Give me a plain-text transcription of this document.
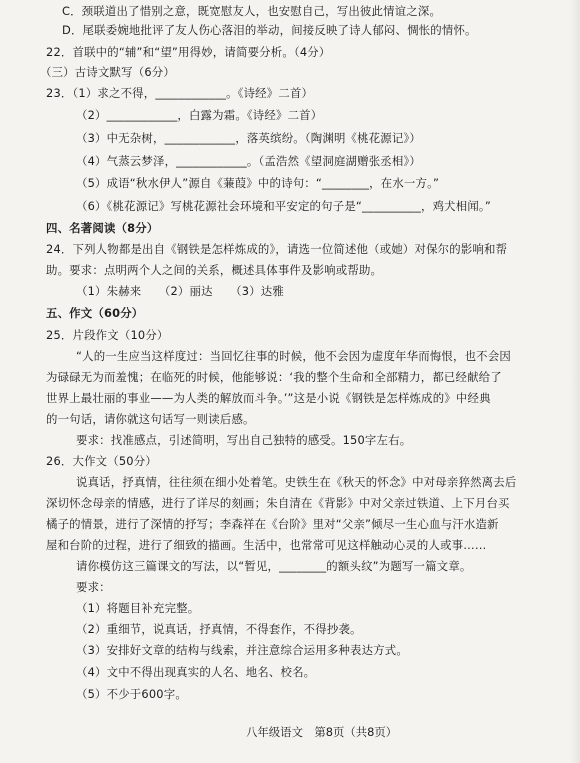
C．颈联道出了惜别之意，既宽慰友人，也安慰自己，写出彼此情谊之深。
D．尾联委婉地批评了友人伤心落泪的举动，间接反映了诗人郁闷、惆怅的情怀。
22．首联中的“辅”和“望”用得妙，请简要分析。（4分）
（三）古诗文默写（6分）
23．（1）求之不得，____________。《诗经》二首）
（2）____________，白露为霜。《诗经》二首）
（3）中无杂树，____________，落英缤纷。（陶渊明《桃花源记》）
（4）气蒸云梦泽，____________。（孟浩然《望洞庭湖赠张丞相》）
（5）成语“秋水伊人”源自《蒹葭》中的诗句：“________，在水一方。”
（6）《桃花源记》写桃花源社会环境和平安定的句子是“__________，鸡犬相闻。”
四、名著阅读（8分）
24．下列人物都是出自《钢铁是怎样炼成的》，请选一位简述他（或她）对保尔的影响和帮
助。要求：点明两个人之间的关系，概述具体事件及影响或帮助。
（1）朱赫来　　（2）丽达　　（3）达雅
五、作文（60分）
25．片段作文（10分）
“人的一生应当这样度过：当回忆往事的时候，他不会因为虚度年华而悔恨，也不会因
为碌碌无为而羞愧；在临死的时候，他能够说：‘我的整个生命和全部精力，都已经献给了
世界上最壮丽的事业——为人类的解放而斗争。’”这是小说《钢铁是怎样炼成的》中经典
的一句话，请你就这句话写一则读后感。
要求：找准感点，引述简明，写出自己独特的感受。150字左右。
26．大作文（50分）
说真话，抒真情，往往须在细小处着笔。史铁生在《秋天的怀念》中对母亲猝然离去后
深切怀念母亲的情感，进行了详尽的刻画；朱自清在《背影》中对父亲过铁道、上下月台买
橘子的情景，进行了深情的抒写；李森祥在《台阶》里对“父亲”倾尽一生心血与汗水造新
屋和台阶的过程，进行了细致的描画。生活中，也常常可见这样触动心灵的人或事……
请你模仿这三篇课文的写法，以“暂见，________的额头纹”为题写一篇文章。
要求：
（1）将题目补充完整。
（2）重细节，说真话，抒真情，不得套作，不得抄袭。
（3）安排好文章的结构与线索，并注意综合运用多种表达方式。
（4）文中不得出现真实的人名、地名、校名。
（5）不少于600字。
八年级语文　第8页（共8页）
